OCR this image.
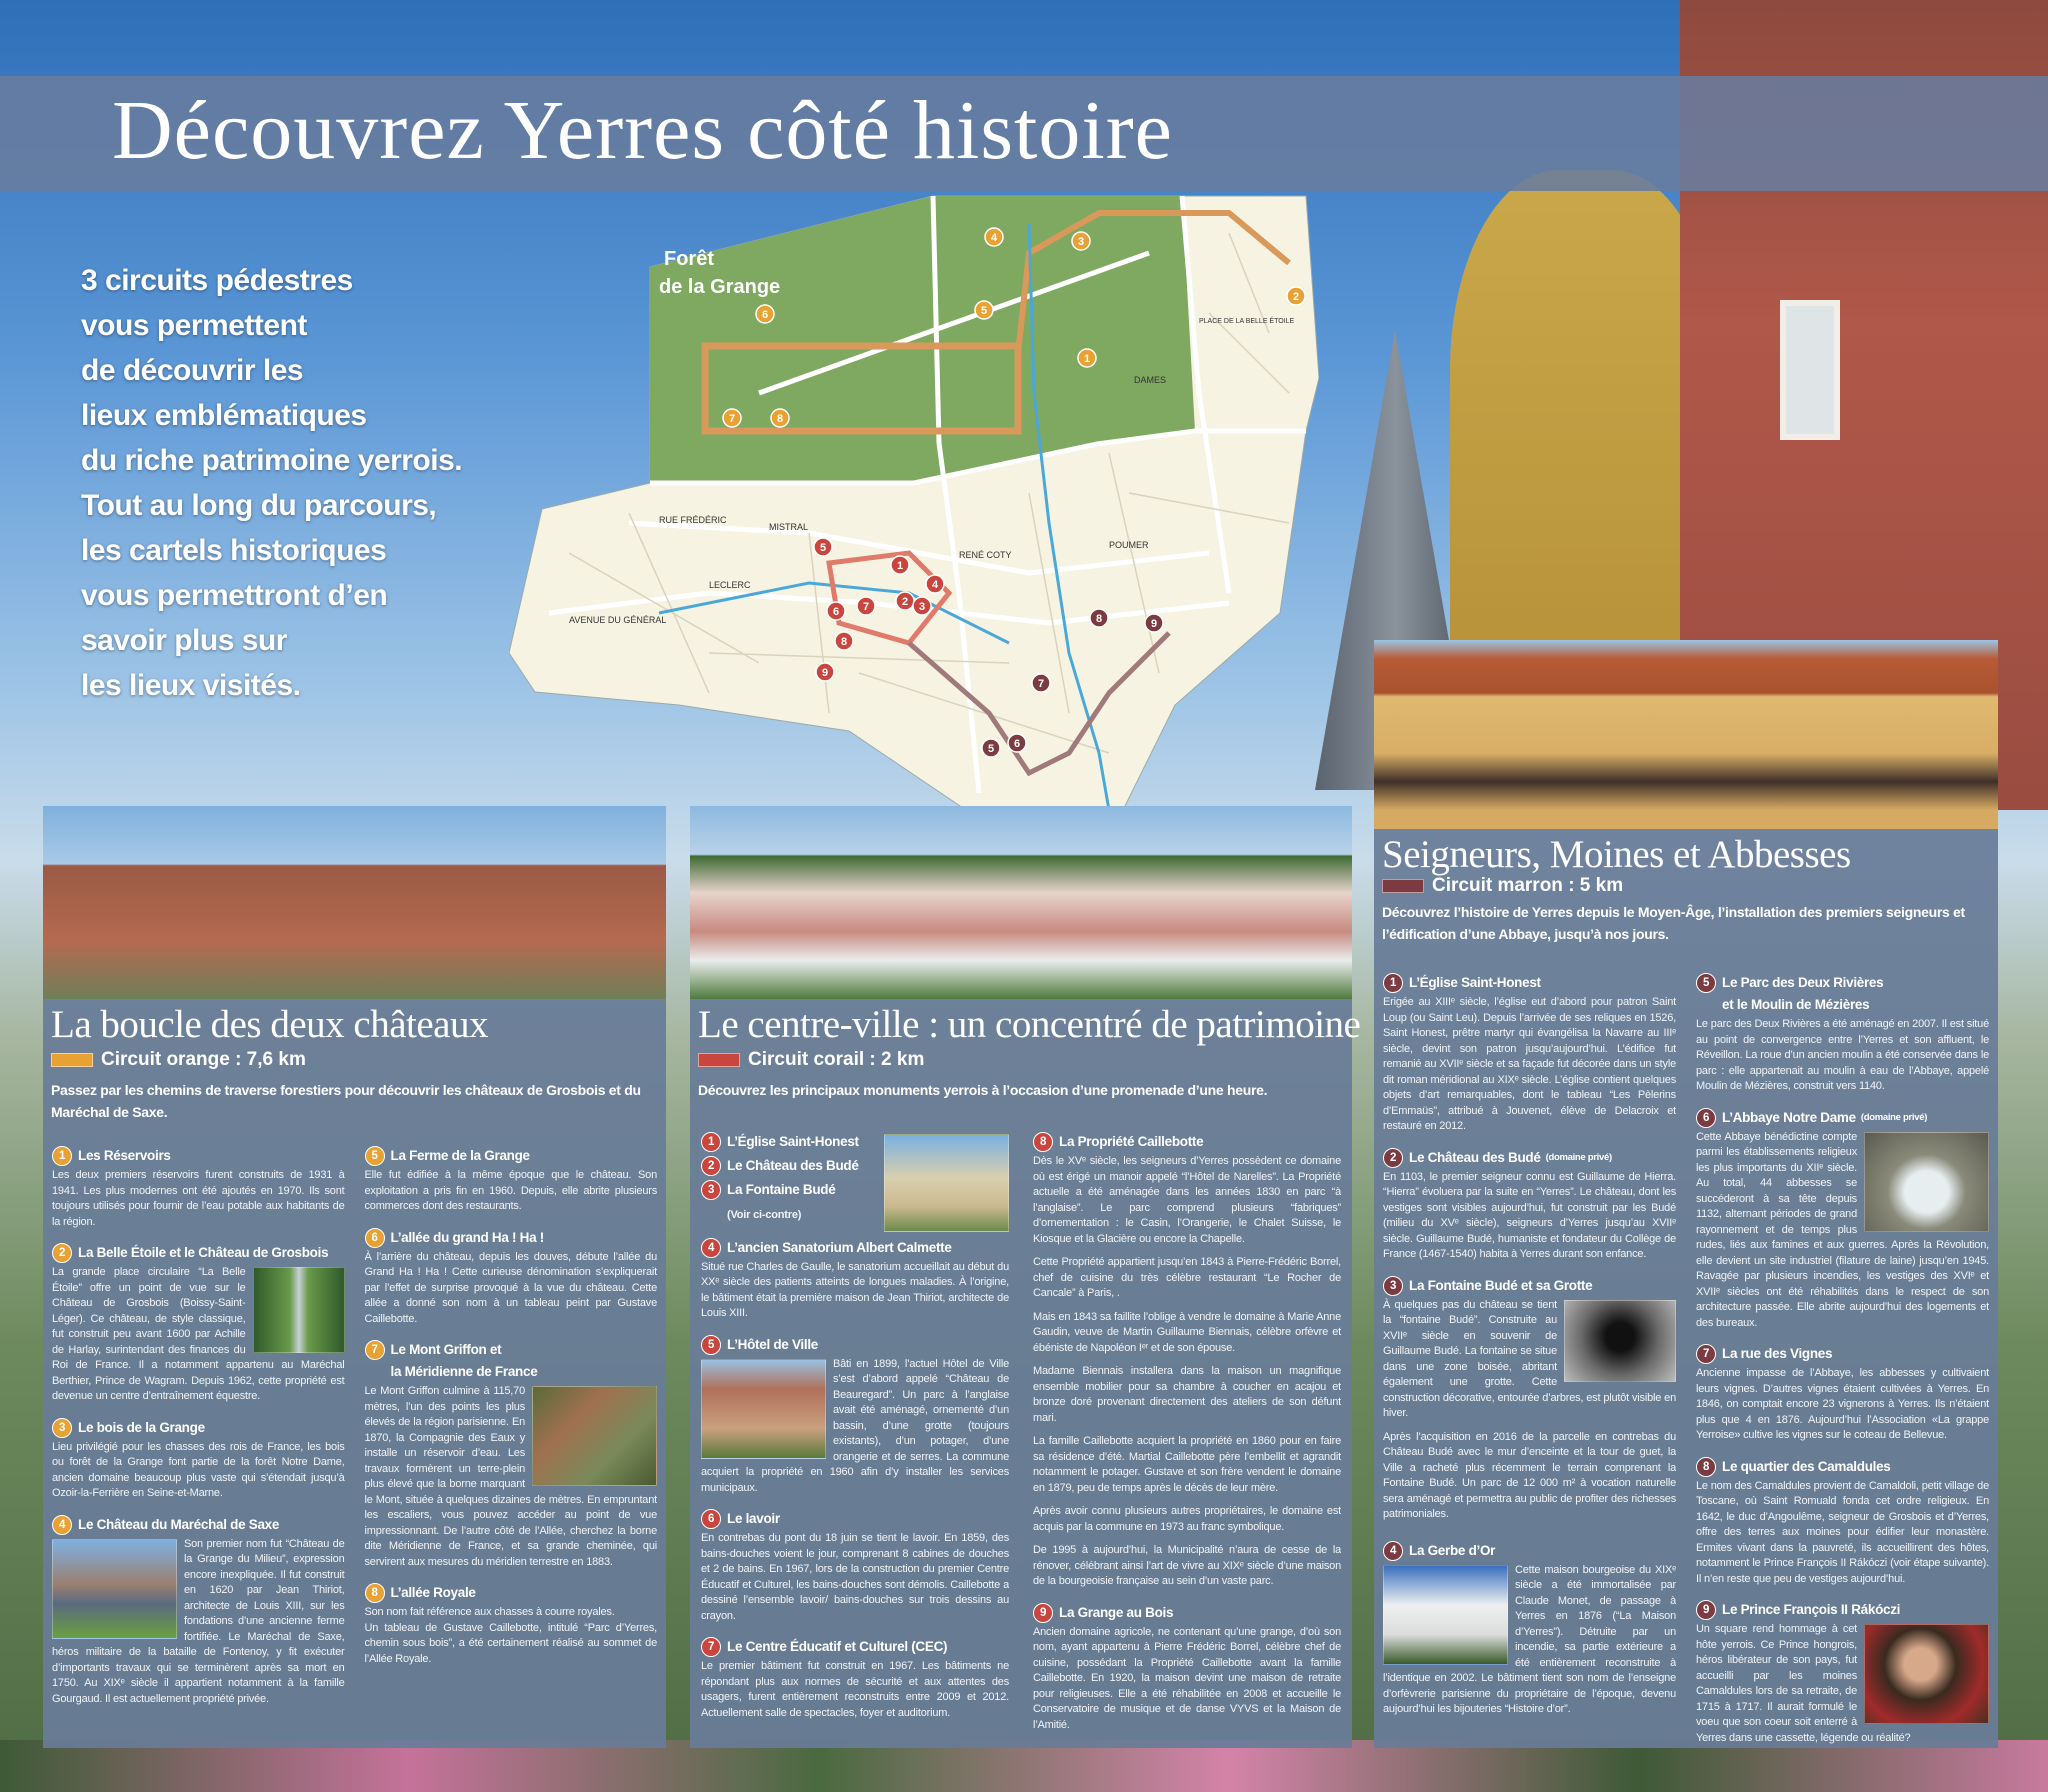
Découvrez Yerres côté histoire
3 circuits pédestres
vous permettent
de découvrir les
lieux emblématiques
du riche patrimoine yerrois.
Tout au long du parcours,
les cartels historiques
vous permettront d’en
savoir plus sur
les lieux visités.
Forêt
de la Grange
RUE FRÉDÉRIC
MISTRAL
RENÉ COTY
LECLERC
AVENUE DU GÉNÉRAL
PLACE DE LA BELLE ÉTOILE
DAMES
POUMER
1
2
3
4
5
6
7	8
1
2 3
4
5
6 7
8
9
5 6
7
8	9
La boucle des deux châteaux
Circuit orange : 7,6 km
Passez par les chemins de traverse forestiers pour découvrir les châteaux de Grosbois et du Maréchal de Saxe.
1 Les Réservoirs
Les deux premiers réservoirs furent construits de 1931 à 1941. Les plus modernes ont été ajoutés en 1970. Ils sont toujours utilisés pour fournir de l’eau potable aux habitants de la région.
2 La Belle Étoile et le Château de Grosbois
La grande place circulaire “La Belle Étoile” offre un point de vue sur le Château de Grosbois (Boissy-Saint-Léger). Ce château, de style classique, fut construit peu avant 1600 par Achille de Harlay, surintendant des finances du Roi de France. Il a notamment appartenu au Maréchal Berthier, Prince de Wagram. Depuis 1962, cette propriété est devenue un centre d’entraînement équestre.
3 Le bois de la Grange
Lieu privilégié pour les chasses des rois de France, les bois ou forêt de la Grange font partie de la forêt Notre Dame, ancien domaine beaucoup plus vaste qui s’étendait jusqu’à Ozoir-la-Ferrière en Seine-et-Marne.
4 Le Château du Maréchal de Saxe
Son premier nom fut “Château de la Grange du Milieu”, expression encore inexpliquée. Il fut construit en 1620 par Jean Thiriot, architecte de Louis XIII, sur les fondations d’une ancienne ferme fortifiée. Le Maréchal de Saxe, héros militaire de la bataille de Fontenoy, y fit exécuter d’importants travaux qui se terminèrent après sa mort en 1750. Au XIXᵉ siècle il appartient notamment à la famille Gourgaud. Il est actuellement propriété privée.
5 La Ferme de la Grange
Elle fut édifiée à la même époque que le château. Son exploitation a pris fin en 1960. Depuis, elle abrite plusieurs commerces dont des restaurants.
6 L’allée du grand Ha ! Ha !
À l’arrière du château, depuis les douves, débute l’allée du Grand Ha ! Ha ! Cette curieuse dénomination s’expliquerait par l’effet de surprise provoqué à la vue du château. Cette allée a donné son nom à un tableau peint par Gustave Caillebotte.
7 Le Mont Griffon et
la Méridienne de France
Le Mont Griffon culmine à 115,70 mètres, l’un des points les plus élevés de la région parisienne. En 1870, la Compagnie des Eaux y installe un réservoir d’eau. Les travaux formèrent un terre-plein plus élevé que la borne marquant le Mont, située à quelques dizaines de mètres. En empruntant les escaliers, vous pouvez accéder au point de vue impressionnant. De l’autre côté de l’Allée, cherchez la borne dite Méridienne de France, et sa grande cheminée, qui servirent aux mesures du méridien terrestre en 1883.
8 L’allée Royale
Son nom fait référence aux chasses à courre royales.
Un tableau de Gustave Caillebotte, intitulé “Parc d’Yerres, chemin sous bois”, a été certainement réalisé au sommet de l’Allée Royale.
Le centre-ville : un concentré de patrimoine
Circuit corail : 2 km
Découvrez les principaux monuments yerrois à l’occasion d’une promenade d’une heure.
1 L’Église Saint-Honest
2 Le Château des Budé
3 La Fontaine Budé
(Voir ci-contre)
4 L’ancien Sanatorium Albert Calmette
Situé rue Charles de Gaulle, le sanatorium accueillait au début du XXᵉ siècle des patients atteints de longues maladies. À l’origine, le bâtiment était la première maison de Jean Thiriot, architecte de Louis XIII.
5 L’Hôtel de Ville
Bâti en 1899, l’actuel Hôtel de Ville s’est d’abord appelé “Château de Beauregard”. Un parc à l’anglaise avait été aménagé, ornementé d’un bassin, d’une grotte (toujours existants), d’un potager, d’une orangerie et de serres. La commune acquiert la propriété en 1960 afin d’y installer les services municipaux.
6 Le lavoir
En contrebas du pont du 18 juin se tient le lavoir. En 1859, des bains-douches voient le jour, comprenant 8 cabines de douches et 2 de bains. En 1967, lors de la construction du premier Centre Éducatif et Culturel, les bains-douches sont démolis. Caillebotte a dessiné l’ensemble lavoir/ bains-douches sur trois dessins au crayon.
7 Le Centre Éducatif et Culturel (CEC)
Le premier bâtiment fut construit en 1967. Les bâtiments ne répondant plus aux normes de sécurité et aux attentes des usagers, furent entièrement reconstruits entre 2009 et 2012. Actuellement salle de spectacles, foyer et auditorium.
8 La Propriété Caillebotte
Dès le XVᵉ siècle, les seigneurs d’Yerres possèdent ce domaine où est érigé un manoir appelé “l’Hôtel de Narelles”. La Propriété actuelle a été aménagée dans les années 1830 en parc “à l’anglaise”. Le parc comprend plusieurs “fabriques” d’ornementation : le Casin, l’Orangerie, le Chalet Suisse, le Kiosque et la Glacière ou encore la Chapelle.
Cette Propriété appartient jusqu’en 1843 à Pierre-Frédéric Borrel, chef de cuisine du très célèbre restaurant “Le Rocher de Cancale” à Paris, .
Mais en 1843 sa faillite l’oblige à vendre le domaine à Marie Anne Gaudin, veuve de Martin Guillaume Biennais, célèbre orfèvre et ébéniste de Napoléon Iᵉʳ et de son épouse.
Madame Biennais installera dans la maison un magnifique ensemble mobilier pour sa chambre à coucher en acajou et bronze doré provenant directement des ateliers de son défunt mari.
La famille Caillebotte acquiert la propriété en 1860 pour en faire sa résidence d’été. Martial Caillebotte père l’embellit et agrandit notamment le potager. Gustave et son frère vendent le domaine en 1879, peu de temps après le décès de leur mère.
Après avoir connu plusieurs autres propriétaires, le domaine est acquis par la commune en 1973 au franc symbolique.
De 1995 à aujourd’hui, la Municipalité n’aura de cesse de la rénover, célébrant ainsi l’art de vivre au XIXᵉ siècle d’une maison de la bourgeoisie française au sein d’un vaste parc.
9 La Grange au Bois
Ancien domaine agricole, ne contenant qu’une grange, d’où son nom, ayant appartenu à Pierre Frédéric Borrel, célèbre chef de cuisine, possédant la Propriété Caillebotte avant la famille Caillebotte. En 1920, la maison devint une maison de retraite pour religieuses. Elle a été réhabilitée en 2008 et accueille le Conservatoire de musique et de danse VYVS et la Maison de l’Amitié.
Seigneurs, Moines et Abbesses
Circuit marron : 5 km
Découvrez l’histoire de Yerres depuis le Moyen-Âge, l’installation des premiers seigneurs et l’édification d’une Abbaye, jusqu’à nos jours.
1 L’Église Saint-Honest
Erigée au XIIIᵉ siècle, l’église eut d’abord pour patron Saint Loup (ou Saint Leu). Depuis l’arrivée de ses reliques en 1526, Saint Honest, prêtre martyr qui évangélisa la Navarre au IIIᵉ siècle, devint son patron jusqu’aujourd’hui. L’édifice fut remanié au XVIIᵉ siècle et sa façade fut décorée dans un style dit roman méridional au XIXᵉ siècle. L’église contient quelques objets d’art remarquables, dont le tableau “Les Pèlerins d’Emmaüs”, attribué à Jouvenet, élève de Delacroix et restauré en 2012.
2 Le Château des Budé (domaine privé)
En 1103, le premier seigneur connu est Guillaume de Hierra. “Hierra” évoluera par la suite en “Yerres”. Le château, dont les vestiges sont visibles aujourd’hui, fut construit par les Budé (milieu du XVᵉ siècle), seigneurs d’Yerres jusqu’au XVIIᵉ siècle. Guillaume Budé, humaniste et fondateur du Collège de France (1467-1540) habita à Yerres durant son enfance.
3 La Fontaine Budé et sa Grotte
À quelques pas du château se tient la “fontaine Budé”. Construite au XVIIᵉ siècle en souvenir de Guillaume Budé. La fontaine se situe dans une zone boisée, abritant également une grotte. Cette construction décorative, entourée d’arbres, est plutôt visible en hiver.
Après l’acquisition en 2016 de la parcelle en contrebas du Château Budé avec le mur d’enceinte et la tour de guet, la Ville a racheté plus récemment le terrain comprenant la Fontaine Budé. Un parc de 12 000 m² à vocation naturelle sera aménagé et permettra au public de profiter des richesses patrimoniales.
4 La Gerbe d’Or
Cette maison bourgeoise du XIXᵉ siècle a été immortalisée par Claude Monet, de passage à Yerres en 1876 (“La Maison d’Yerres”). Détruite par un incendie, sa partie extérieure a été entièrement reconstruite à l’identique en 2002. Le bâtiment tient son nom de l’enseigne d’orfèvrerie parisienne du propriétaire de l’époque, devenu aujourd’hui les bijouteries “Histoire d’or”.
5 Le Parc des Deux Rivières
et le Moulin de Mézières
Le parc des Deux Rivières a été aménagé en 2007. Il est situé au point de convergence entre l’Yerres et son affluent, le Réveillon. La roue d’un ancien moulin a été conservée dans le parc : elle appartenait au moulin à eau de l’Abbaye, appelé Moulin de Mézières, construit vers 1140.
6 L’Abbaye Notre Dame (domaine privé)
Cette Abbaye bénédictine compte parmi les établissements religieux les plus importants du XIIᵉ siècle. Au total, 44 abbesses se succéderont à sa tête depuis 1132, alternant périodes de grand rayonnement et de temps plus rudes, liés aux famines et aux guerres. Après la Révolution, elle devient un site industriel (filature de laine) jusqu’en 1945. Ravagée par plusieurs incendies, les vestiges des XVIᵉ et XVIIᵉ siècles ont été réhabilités dans le respect de son architecture passée. Elle abrite aujourd’hui des logements et des bureaux.
7 La rue des Vignes
Ancienne impasse de l’Abbaye, les abbesses y cultivaient leurs vignes. D’autres vignes étaient cultivées à Yerres. En 1846, on comptait encore 23 vignerons à Yerres. Ils n’étaient plus que 4 en 1876. Aujourd’hui l’Association «La grappe Yerroise» cultive les vignes sur le coteau de Bellevue.
8 Le quartier des Camaldules
Le nom des Camaldules provient de Camaldoli, petit village de Toscane, où Saint Romuald fonda cet ordre religieux. En 1642, le duc d’Angoulême, seigneur de Grosbois et d’Yerres, offre des terres aux moines pour édifier leur monastère. Ermites vivant dans la pauvreté, ils accueillirent des hôtes, notamment le Prince François II Rákóczi (voir étape suivante). Il n’en reste que peu de vestiges aujourd’hui.
9 Le Prince François II Rákóczi
Un square rend hommage à cet hôte yerrois. Ce Prince hongrois, héros libérateur de son pays, fut accueilli par les moines Camaldules lors de sa retraite, de 1715 à 1717. Il aurait formulé le voeu que son coeur soit enterré à Yerres dans une cassette, légende ou réalité?
